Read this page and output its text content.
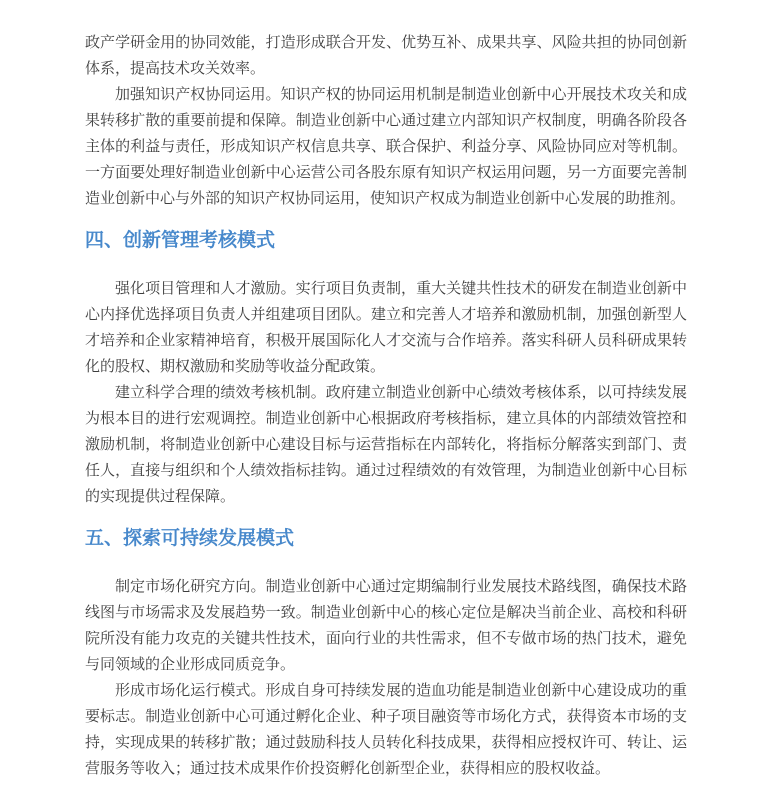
政产学研金用的协同效能，打造形成联合开发、优势互补、成果共享、风险共担的协同创新体系，提高技术攻关效率。

加强知识产权协同运用。知识产权的协同运用机制是制造业创新中心开展技术攻关和成果转移扩散的重要前提和保障。制造业创新中心通过建立内部知识产权制度，明确各阶段各主体的利益与责任，形成知识产权信息共享、联合保护、利益分享、风险协同应对等机制。一方面要处理好制造业创新中心运营公司各股东原有知识产权运用问题，另一方面要完善制造业创新中心与外部的知识产权协同运用，使知识产权成为制造业创新中心发展的助推剂。

四、创新管理考核模式

强化项目管理和人才激励。实行项目负责制，重大关键共性技术的研发在制造业创新中心内择优选择项目负责人并组建项目团队。建立和完善人才培养和激励机制，加强创新型人才培养和企业家精神培育，积极开展国际化人才交流与合作培养。落实科研人员科研成果转化的股权、期权激励和奖励等收益分配政策。

建立科学合理的绩效考核机制。政府建立制造业创新中心绩效考核体系，以可持续发展为根本目的进行宏观调控。制造业创新中心根据政府考核指标，建立具体的内部绩效管控和激励机制，将制造业创新中心建设目标与运营指标在内部转化，将指标分解落实到部门、责任人，直接与组织和个人绩效指标挂钩。通过过程绩效的有效管理，为制造业创新中心目标的实现提供过程保障。

五、探索可持续发展模式

制定市场化研究方向。制造业创新中心通过定期编制行业发展技术路线图，确保技术路线图与市场需求及发展趋势一致。制造业创新中心的核心定位是解决当前企业、高校和科研院所没有能力攻克的关键共性技术，面向行业的共性需求，但不专做市场的热门技术，避免与同领域的企业形成同质竞争。

形成市场化运行模式。形成自身可持续发展的造血功能是制造业创新中心建设成功的重要标志。制造业创新中心可通过孵化企业、种子项目融资等市场化方式，获得资本市场的支持，实现成果的转移扩散；通过鼓励科技人员转化科技成果，获得相应授权许可、转让、运营服务等收入；通过技术成果作价投资孵化创新型企业，获得相应的股权收益。
